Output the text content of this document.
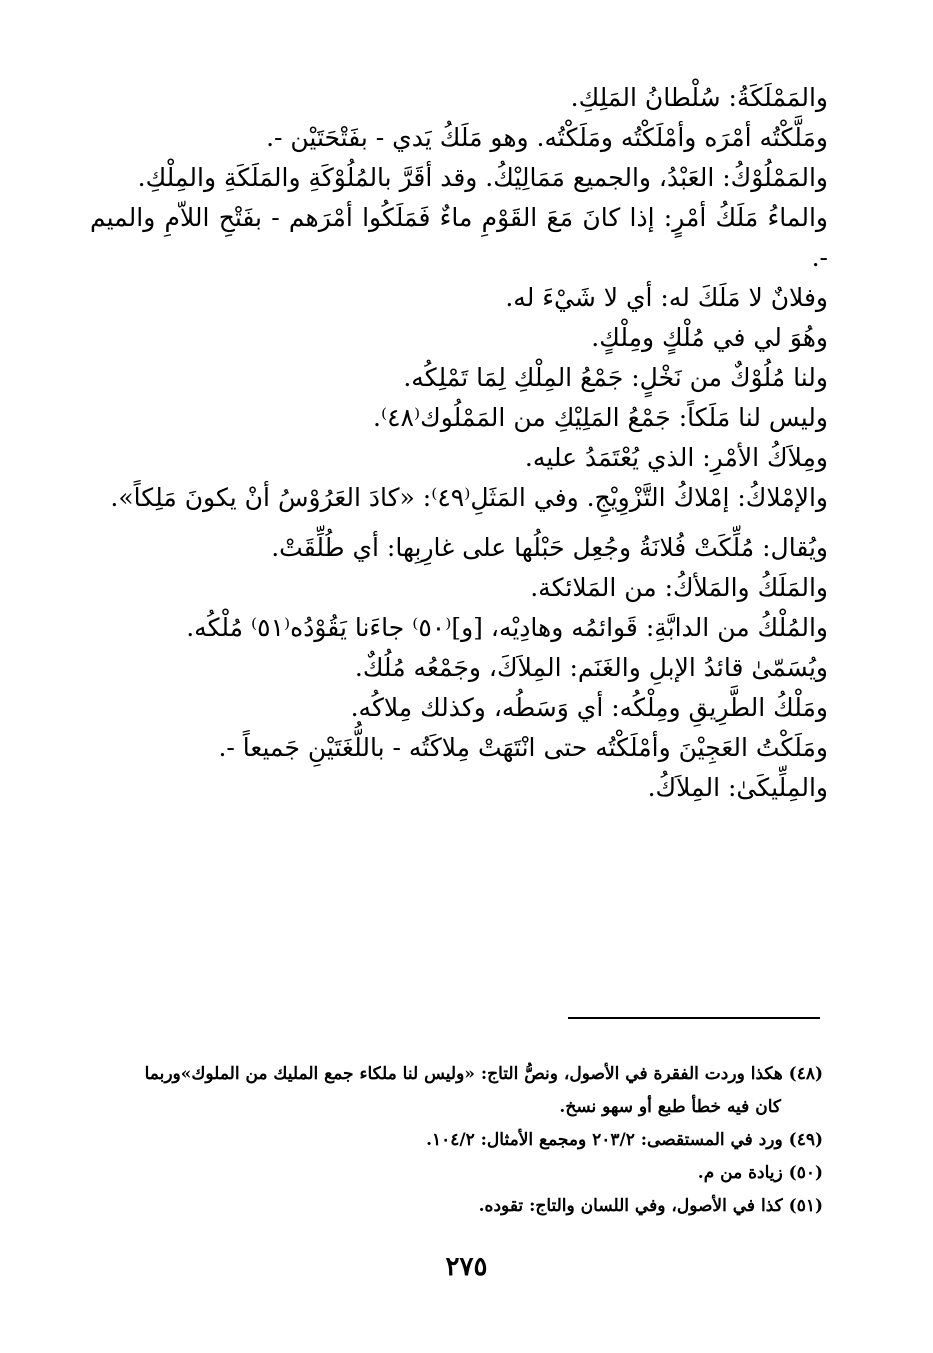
والمَمْلَكَةُ: سُلْطانُ المَلِكِ.

ومَلَّكْتُه أمْرَه وأمْلَكْتُه ومَلَكْتُه. وهو مَلَكُ يَدي - بفَتْحَتَيْن -.

والمَمْلُوْكُ: العَبْدُ، والجميع مَمَالِيْكُ. وقد أقَرَّ بالمُلُوْكَةِ والمَلَكَةِ والمِلْكِ.

والماءُ مَلَكُ أمْرٍ: إذا كانَ مَعَ القَوْمِ ماءٌ فَمَلَكُوا أمْرَهم - بفَتْحِ اللاّمِ والميم -.

وفلانٌ لا مَلَكَ له: أي لا شَيْءَ له.

وهُوَ لي في مُلْكٍ ومِلْكٍ.

ولنا مُلُوْكٌ من نَخْلٍ: جَمْعُ المِلْكِ لِمَا تَمْلِكُه.

وليس لنا مَلَكاً: جَمْعُ المَلِيْكِ من المَمْلُوك⁽٤٨⁾.

ومِلاَكُ الأمْرِ: الذي يُعْتَمَدُ عليه.

والإمْلاكُ: إمْلاكُ التَّزْوِيْجِ. وفي المَثَلِ⁽٤٩⁾: «كادَ العَرُوْسُ أنْ يكونَ مَلِكاً».

ويُقال: مُلِّكَتْ فُلانَةُ وجُعِل حَبْلُها على غارِبِها: أي طُلِّقَتْ.

والمَلَكُ والمَلأكُ: من المَلائكة.

والمُلْكُ من الدابَّةِ: قَوائمُه وهادِيْه، [و]⁽٥٠⁾ جاءَنا يَقُوْدُه⁽٥١⁾ مُلْكُه.

ويُسَمّىٰ قائدُ الإبلِ والغَنَم: المِلاَكَ، وجَمْعُه مُلُكٌ.

ومَلْكُ الطَّرِيقِ ومِلْكُه: أي وَسَطُه، وكذلك مِلاكُه.

ومَلَكْتُ العَجِيْنَ وأمْلَكْتُه حتى انْتَهَتْ مِلاكَتُه - باللُّغَتَيْنِ جَميعاً -.

والمِلِّيكَىٰ: المِلاَكُ.

(٤٨) هكذا وردت الفقرة في الأصول، ونصُّ التاج: «وليس لنا ملكاء جمع المليك من الملوك»وربما
كان فيه خطأ طبع أو سهو نسخ.

(٤٩) ورد في المستقصى: ٢٠٣/٢ ومجمع الأمثال: ١٠٤/٢.

(٥٠) زيادة من م.

(٥١) كذا في الأصول، وفي اللسان والتاج: تقوده.

٢٧٥
